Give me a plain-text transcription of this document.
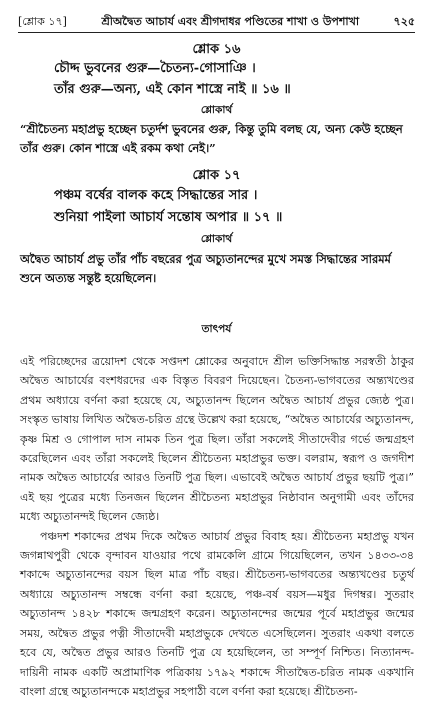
[শ্লোক ১৭]	শ্রীঅদ্বৈত আচার্য এবং শ্রীগদাধর পণ্ডিতের শাখা ও উপশাখা	৭২৫
শ্লোক ১৬
চৌদ্দ ভুবনের গুরু—চৈতন্য-গোসাঞি ।
তাঁর গুরু—অন্য, এই কোন শাস্ত্রে নাই ॥ ১৬ ॥
শ্লোকার্থ
“শ্রীচৈতন্য মহাপ্রভু হচ্ছেন চতুর্দশ ভুবনের গুরু, কিন্তু তুমি বলছ যে, অন্য কেউ হচ্ছেন তাঁর গুরু। কোন শাস্ত্রে এই রকম কথা নেই।”
শ্লোক ১৭
পঞ্চম বর্ষের বালক কহে সিদ্ধান্তের সার ।
শুনিয়া পাইলা আচার্য সন্তোষ অপার ॥ ১৭ ॥
শ্লোকার্থ
অদ্বৈত আচার্য প্রভু তাঁর পাঁচ বছরের পুত্র অচ্যুতানন্দের মুখে সমস্ত সিদ্ধান্তের সারমর্ম শুনে অত্যন্ত সন্তুষ্ট হয়েছিলেন।
তাৎপর্য

এই পরিচ্ছেদের ত্রয়োদশ থেকে সপ্তদশ শ্লোকের অনুবাদে শ্রীল ভক্তিসিদ্ধান্ত সরস্বতী ঠাকুর অদ্বৈত আচার্যের বংশধরদের এক বিস্তৃত বিবরণ দিয়েছেন। চৈতন্য-ভাগবতের অন্ত্যখণ্ডের প্রথম অধ্যায়ে বর্ণনা করা হয়েছে যে, অচ্যুতানন্দ ছিলেন অদ্বৈত আচার্য প্রভুর জ্যেষ্ঠ পুত্র। সংস্কৃত ভাষায় লিখিত অদ্বৈত-চরিত গ্রন্থে উল্লেখ করা হয়েছে, “অদ্বৈত আচার্যের অচ্যুতানন্দ, কৃষ্ণ মিশ্র ও গোপাল দাস নামক তিন পুত্র ছিল। তাঁরা সকলেই সীতাদেবীর গর্ভে জন্মগ্রহণ করেছিলেন এবং তাঁরা সকলেই ছিলেন শ্রীচৈতন্য মহাপ্রভুর ভক্ত। বলরাম, স্বরূপ ও জগদীশ নামক অদ্বৈত আচার্যের আরও তিনটি পুত্র ছিল। এভাবেই অদ্বৈত আচার্য প্রভুর ছয়টি পুত্র।” এই ছয় পুত্রের মধ্যে তিনজন ছিলেন শ্রীচৈতন্য মহাপ্রভুর নিষ্ঠাবান অনুগামী এবং তাঁদের মধ্যে অচ্যুতানন্দই ছিলেন জ্যেষ্ঠ।

পঞ্চদশ শকাব্দের প্রথম দিকে অদ্বৈত আচার্য প্রভুর বিবাহ হয়। শ্রীচৈতন্য মহাপ্রভু যখন জগন্নাথপুরী থেকে বৃন্দাবন যাওয়ার পথে রামকেলি গ্রামে গিয়েছিলেন, তখন ১৪৩৩-৩৪ শকাব্দে অচ্যুতানন্দের বয়স ছিল মাত্র পাঁচ বছর। শ্রীচৈতন্য-ভাগবতের অন্ত্যখণ্ডের চতুর্থ অধ্যায়ে অচ্যুতানন্দ সম্বন্ধে বর্ণনা করা হয়েছে, পঞ্চ-বর্ষ বয়স—মধুর দিগম্বর। সুতরাং অচ্যুতানন্দ ১৪২৮ শকাব্দে জন্মগ্রহণ করেন। অচ্যুতানন্দের জন্মের পূর্বে মহাপ্রভুর জন্মের সময়, অদ্বৈত প্রভুর পত্নী সীতাদেবী মহাপ্রভুকে দেখতে এসেছিলেন। সুতরাং একথা বলতে হবে যে, অদ্বৈত প্রভুর আরও তিনটি পুত্র যে হয়েছিলেন, তা সম্পূর্ণ নিশ্চিত। নিত্যানন্দ-দায়িনী নামক একটি অপ্রামাণিক পত্রিকায় ১৭৯২ শকাব্দে সীতাদ্বৈত-চরিত নামক একখানি বাংলা গ্রন্থে অচ্যুতানন্দকে মহাপ্রভুর সহপাঠী বলে বর্ণনা করা হয়েছে। শ্রীচৈতন্য-
